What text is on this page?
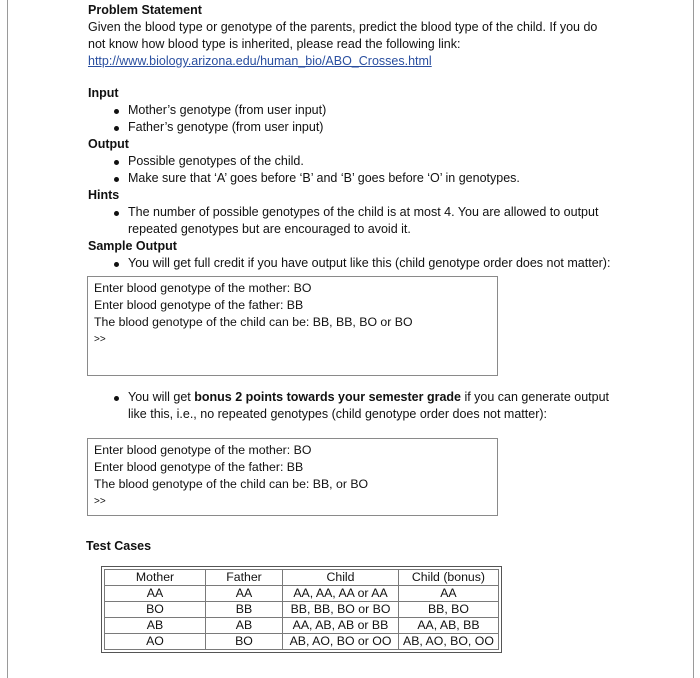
Problem Statement
Given the blood type or genotype of the parents, predict the blood type of the child. If you do
not know how blood type is inherited, please read the following link:
http://www.biology.arizona.edu/human_bio/ABO_Crosses.html
Input
Mother’s genotype (from user input)
Father’s genotype (from user input)
Output
Possible genotypes of the child.
Make sure that ‘A’ goes before ‘B’ and ‘B’ goes before ‘O’ in genotypes.
Hints
The number of possible genotypes of the child is at most 4. You are allowed to output
repeated genotypes but are encouraged to avoid it.
Sample Output
You will get full credit if you have output like this (child genotype order does not matter):
Enter blood genotype of the mother: BO
Enter blood genotype of the father: BB
The blood genotype of the child can be: BB, BB, BO or BO
>>
You will get bonus 2 points towards your semester grade if you can generate output
like this, i.e., no repeated genotypes (child genotype order does not matter):
Enter blood genotype of the mother: BO
Enter blood genotype of the father: BB
The blood genotype of the child can be: BB, or BO
>>
Test Cases
Mother	Father	Child	Child (bonus)
AA	AA	AA, AA, AA or AA	AA
BO	BB	BB, BB, BO or BO	BB, BO
AB	AB	AA, AB, AB or BB	AA, AB, BB
AO	BO	AB, AO, BO or OO	AB, AO, BO, OO
